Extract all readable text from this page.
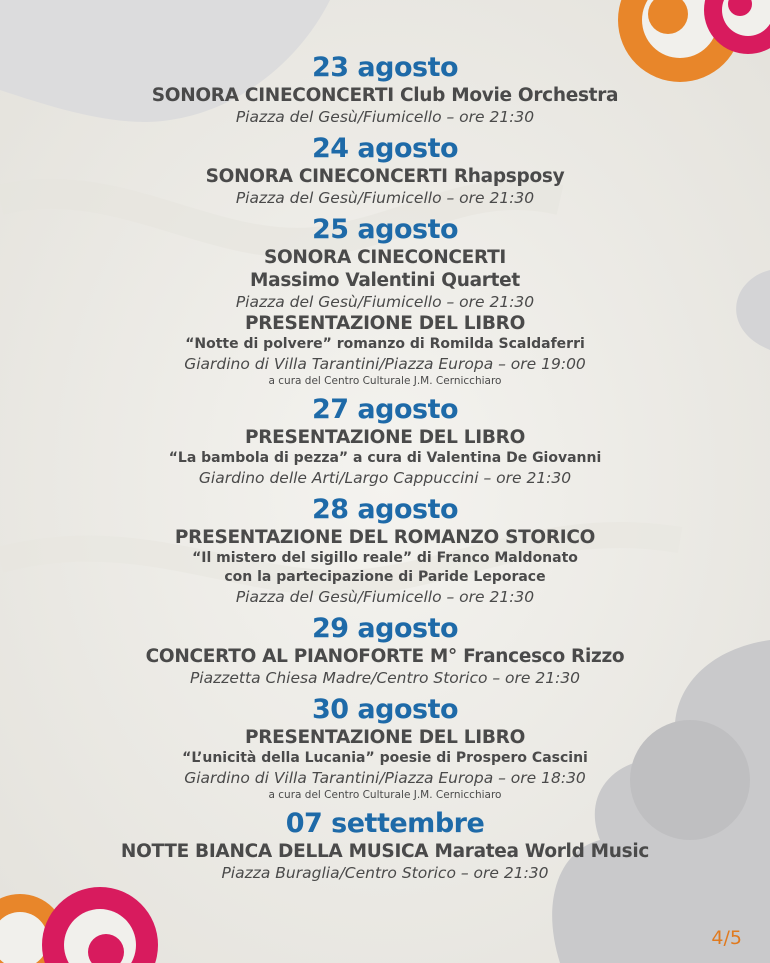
23 agosto
SONORA CINECONCERTI Club Movie Orchestra
Piazza del Gesù/Fiumicello – ore 21:30
24 agosto
SONORA CINECONCERTI Rhapsposy
Piazza del Gesù/Fiumicello – ore 21:30
25 agosto
SONORA CINECONCERTI
Massimo Valentini Quartet
Piazza del Gesù/Fiumicello – ore 21:30
PRESENTAZIONE DEL LIBRO
“Notte di polvere” romanzo di Romilda Scaldaferri
Giardino di Villa Tarantini/Piazza Europa – ore 19:00
a cura del Centro Culturale J.M. Cernicchiaro
27 agosto
PRESENTAZIONE DEL LIBRO
“La bambola di pezza” a cura di Valentina De Giovanni
Giardino delle Arti/Largo Cappuccini – ore 21:30
28 agosto
PRESENTAZIONE DEL ROMANZO STORICO
“Il mistero del sigillo reale” di Franco Maldonato
con la partecipazione di Paride Leporace
Piazza del Gesù/Fiumicello – ore 21:30
29 agosto
CONCERTO AL PIANOFORTE M° Francesco Rizzo
Piazzetta Chiesa Madre/Centro Storico – ore 21:30
30 agosto
PRESENTAZIONE DEL LIBRO
“L’unicità della Lucania” poesie di Prospero Cascini
Giardino di Villa Tarantini/Piazza Europa – ore 18:30
a cura del Centro Culturale J.M. Cernicchiaro
07 settembre
NOTTE BIANCA DELLA MUSICA Maratea World Music
Piazza Buraglia/Centro Storico – ore 21:30
4/5
